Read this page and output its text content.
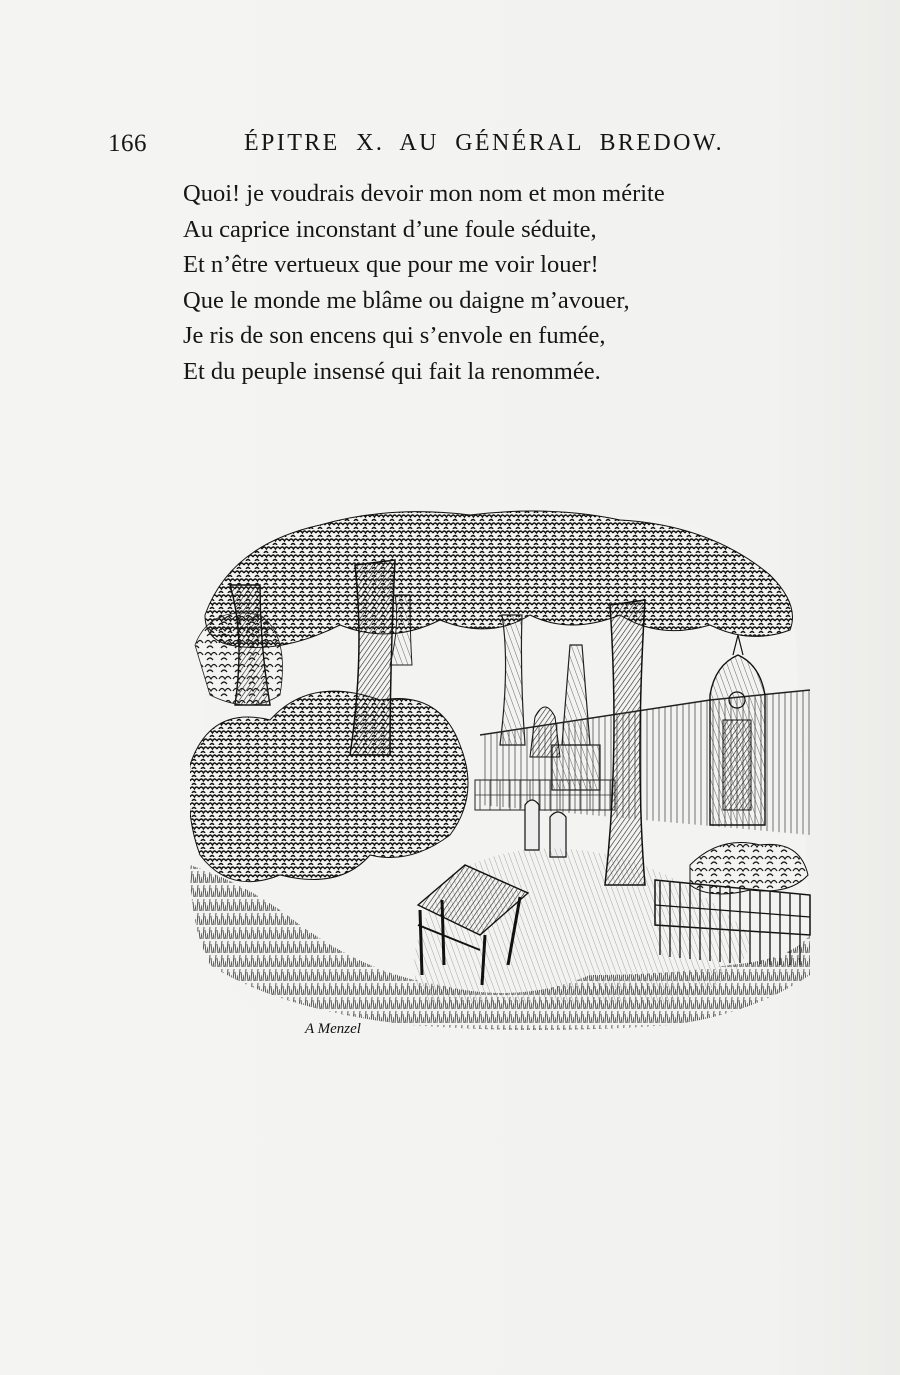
166	ÉPITRE X. AU GÉNÉRAL BREDOW.
Quoi! je voudrais devoir mon nom et mon mérite
Au caprice inconstant d’une foule séduite,
Et n’être vertueux que pour me voir louer!
Que le monde me blâme ou daigne m’avouer,
Je ris de son encens qui s’envole en fumée,
Et du peuple insensé qui fait la renommée.
A Menzel
